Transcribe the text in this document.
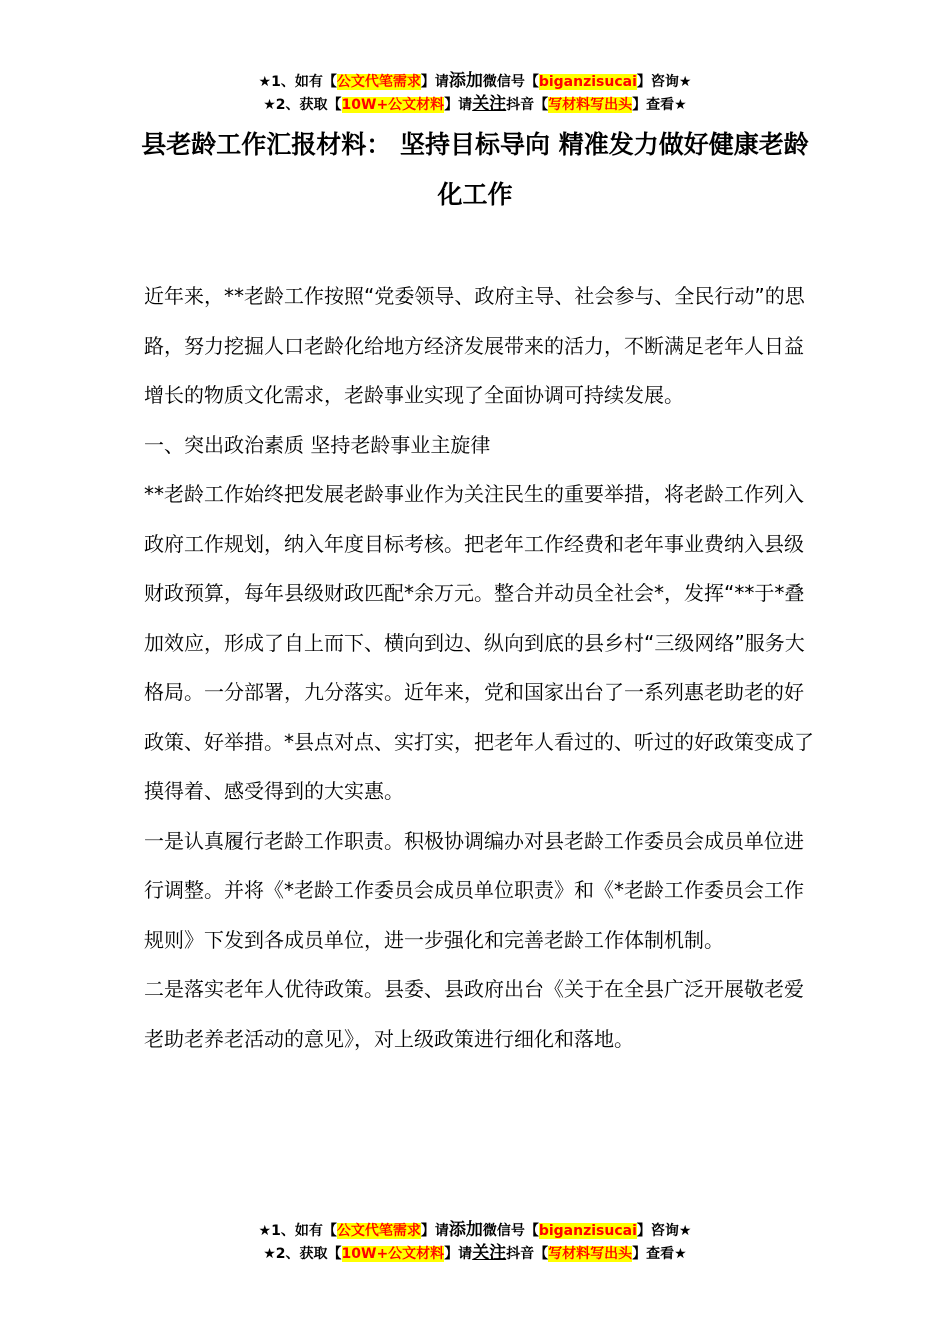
★1、如有【公文代笔需求】请添加微信号【biganzisucai】咨询★
★2、获取【10W+公文材料】请关注抖音【写材料写出头】查看★
县老龄工作汇报材料： 坚持目标导向 精准发力做好健康老龄化工作

近年来，**老龄工作按照“党委领导、政府主导、社会参与、全民行动”的思路，努力挖掘人口老龄化给地方经济发展带来的活力，不断满足老年人日益增长的物质文化需求，老龄事业实现了全面协调可持续发展。

一、突出政治素质 坚持老龄事业主旋律

**老龄工作始终把发展老龄事业作为关注民生的重要举措，将老龄工作列入政府工作规划，纳入年度目标考核。把老年工作经费和老年事业费纳入县级财政预算，每年县级财政匹配*余万元。整合并动员全社会*，发挥“**于*叠加效应，形成了自上而下、横向到边、纵向到底的县乡村“三级网络”服务大格局。一分部署，九分落实。近年来，党和国家出台了一系列惠老助老的好政策、好举措。*县点对点、实打实，把老年人看过的、听过的好政策变成了摸得着、感受得到的大实惠。

一是认真履行老龄工作职责。积极协调编办对县老龄工作委员会成员单位进行调整。并将《*老龄工作委员会成员单位职责》和《*老龄工作委员会工作规则》下发到各成员单位，进一步强化和完善老龄工作体制机制。

二是落实老年人优待政策。县委、县政府出台《关于在全县广泛开展敬老爱老助老养老活动的意见》，对上级政策进行细化和落地。

★1、如有【公文代笔需求】请添加微信号【biganzisucai】咨询★
★2、获取【10W+公文材料】请关注抖音【写材料写出头】查看★
